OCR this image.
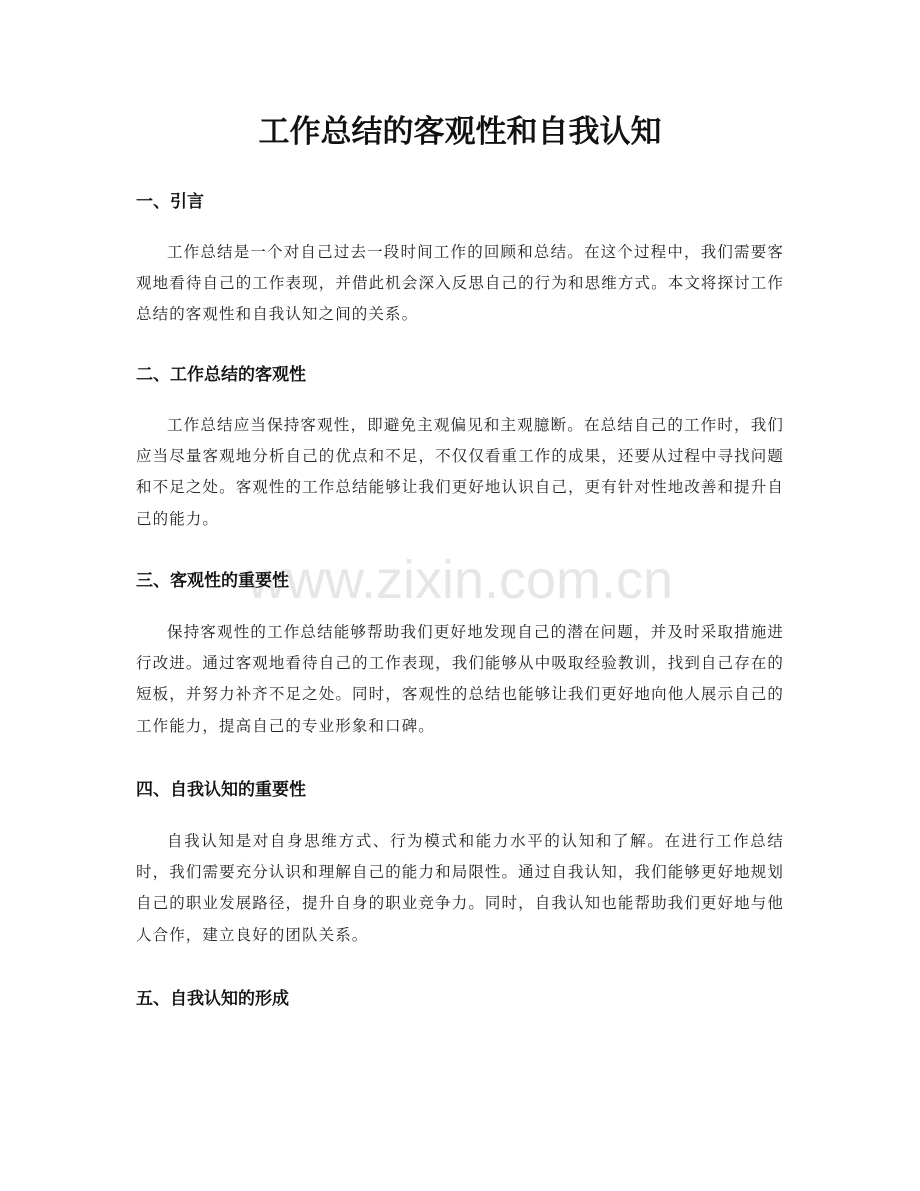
www.zixin.com.cn
工作总结的客观性和自我认知
一、引言

工作总结是一个对自己过去一段时间工作的回顾和总结。在这个过程中，我们需要客观地看待自己的工作表现，并借此机会深入反思自己的行为和思维方式。本文将探讨工作总结的客观性和自我认知之间的关系。

二、工作总结的客观性

工作总结应当保持客观性，即避免主观偏见和主观臆断。在总结自己的工作时，我们应当尽量客观地分析自己的优点和不足，不仅仅看重工作的成果，还要从过程中寻找问题和不足之处。客观性的工作总结能够让我们更好地认识自己，更有针对性地改善和提升自己的能力。

三、客观性的重要性

保持客观性的工作总结能够帮助我们更好地发现自己的潜在问题，并及时采取措施进行改进。通过客观地看待自己的工作表现，我们能够从中吸取经验教训，找到自己存在的短板，并努力补齐不足之处。同时，客观性的总结也能够让我们更好地向他人展示自己的工作能力，提高自己的专业形象和口碑。

四、自我认知的重要性

自我认知是对自身思维方式、行为模式和能力水平的认知和了解。在进行工作总结时，我们需要充分认识和理解自己的能力和局限性。通过自我认知，我们能够更好地规划自己的职业发展路径，提升自身的职业竞争力。同时，自我认知也能帮助我们更好地与他人合作，建立良好的团队关系。

五、自我认知的形成
